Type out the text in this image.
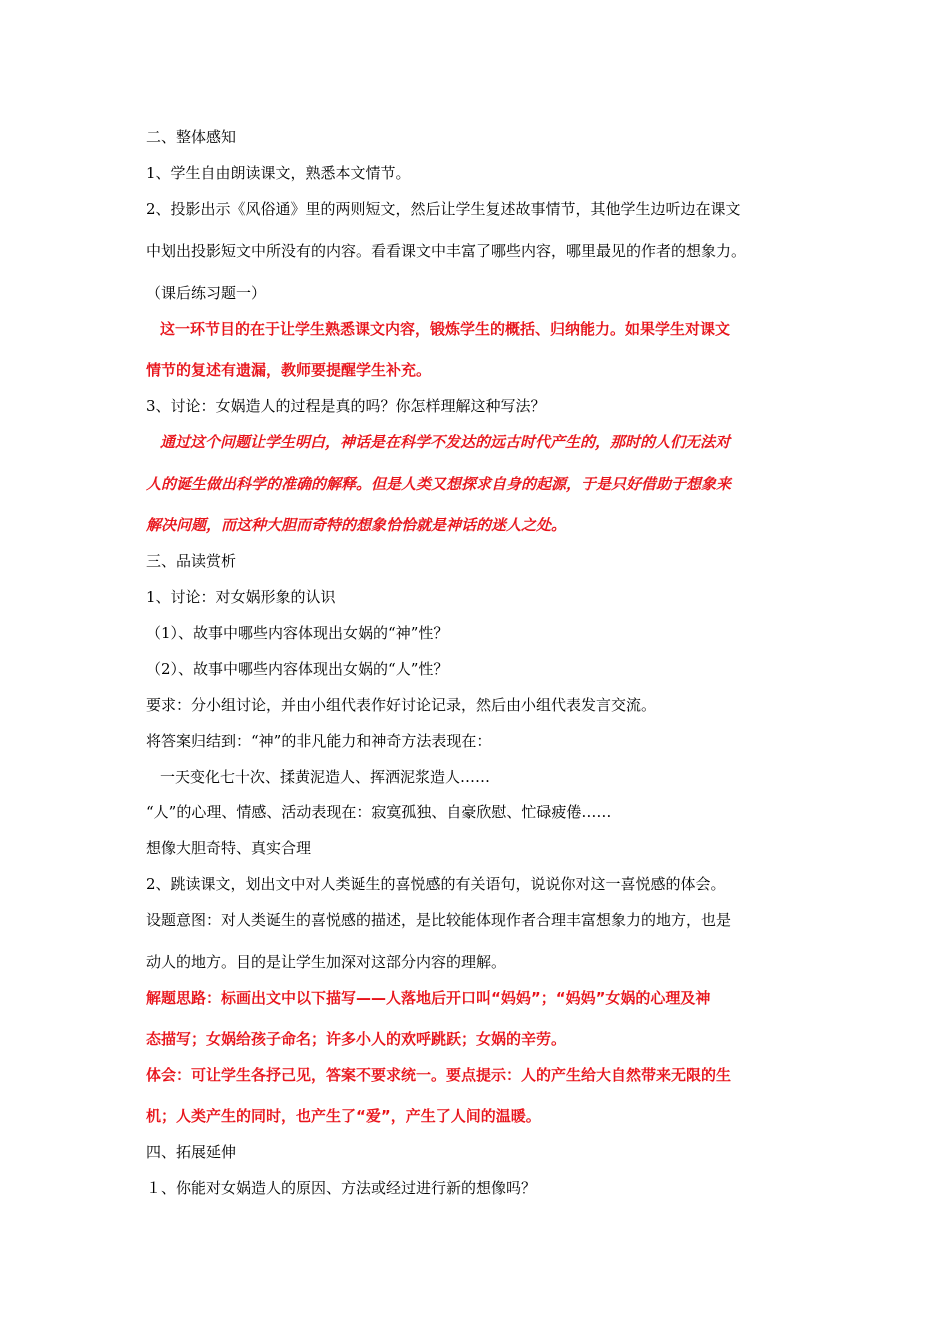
二、整体感知
1、学生自由朗读课文，熟悉本文情节。
2、投影出示《风俗通》里的两则短文，然后让学生复述故事情节，其他学生边听边在课文
中划出投影短文中所没有的内容。看看课文中丰富了哪些内容，哪里最见的作者的想象力。
（课后练习题一）
这一环节目的在于让学生熟悉课文内容，锻炼学生的概括、归纳能力。如果学生对课文
情节的复述有遗漏，教师要提醒学生补充。
3、讨论：女娲造人的过程是真的吗？你怎样理解这种写法？
通过这个问题让学生明白，神话是在科学不发达的远古时代产生的，那时的人们无法对
人的诞生做出科学的准确的解释。但是人类又想探求自身的起源，于是只好借助于想象来
解决问题，而这种大胆而奇特的想象恰恰就是神话的迷人之处。
三、品读赏析
1、讨论：对女娲形象的认识
（1）、故事中哪些内容体现出女娲的“神”性？
（2）、故事中哪些内容体现出女娲的“人”性？
要求：分小组讨论，并由小组代表作好讨论记录，然后由小组代表发言交流。
将答案归结到：“神”的非凡能力和神奇方法表现在：
一天变化七十次、揉黄泥造人、挥洒泥浆造人……
“人”的心理、情感、活动表现在：寂寞孤独、自豪欣慰、忙碌疲倦……
想像大胆奇特、真实合理
2、跳读课文，划出文中对人类诞生的喜悦感的有关语句，说说你对这一喜悦感的体会。
设题意图：对人类诞生的喜悦感的描述，是比较能体现作者合理丰富想象力的地方，也是
动人的地方。目的是让学生加深对这部分内容的理解。
解题思路：标画出文中以下描写——人落地后开口叫“妈妈”；“妈妈”女娲的心理及神
态描写；女娲给孩子命名；许多小人的欢呼跳跃；女娲的辛劳。
体会：可让学生各抒己见，答案不要求统一。要点提示：人的产生给大自然带来无限的生
机；人类产生的同时，也产生了“爱”，产生了人间的温暖。
四、拓展延伸
１、你能对女娲造人的原因、方法或经过进行新的想像吗？
